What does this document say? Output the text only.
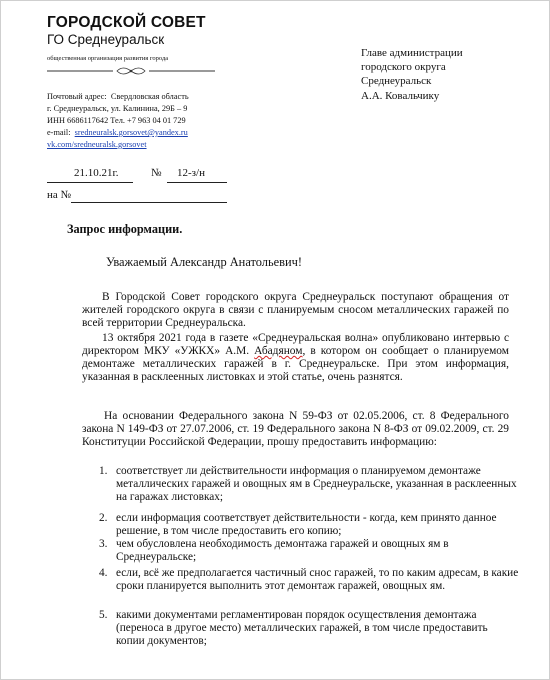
ГОРОДСКОЙ СОВЕТ
ГО Среднеуральск
общественная организация развития города
Почтовый адрес: Свердловская область
г. Среднеуральск, ул. Калинина, 29Б – 9
ИНН 6686117642 Тел. +7 963 04 01 729
e-mail: sredneuralsk.gorsovet@yandex.ru
vk.com/sredneuralsk.gorsovet
Главе администрации
городского округа
Среднеуральск
А.А. Ковальчику
21.10.21г.	№ 12-з/н
на №
Запрос информации.
Уважаемый Александр Анатольевич!
В Городской Совет городского округа Среднеуральск поступают обращения от жителей городского округа в связи с планируемым сносом металлических гаражей по всей территории Среднеуральска.
13 октября 2021 года в газете «Среднеуральская волна» опубликовано интервью с директором МКУ «УЖКХ» А.М. Абадяном, в котором он сообщает о планируемом демонтаже металлических гаражей в г. Среднеуральске. При этом информация, указанная в расклеенных листовках и этой статье, очень разнятся.
На основании Федерального закона N 59-ФЗ от 02.05.2006, ст. 8 Федерального закона N 149-ФЗ от 27.07.2006, ст. 19 Федерального закона N 8-ФЗ от 09.02.2009, ст. 29 Конституции Российской Федерации, прошу предоставить информацию:
1. соответствует ли действительности информация о планируемом демонтаже металлических гаражей и овощных ям в Среднеуральске, указанная в расклеенных на гаражах листовках;
2. если информация соответствует действительности - когда, кем принято данное решение, в том числе предоставить его копию;
3. чем обусловлена необходимость демонтажа гаражей и овощных ям в Среднеуральске;
4. если, всё же предполагается частичный снос гаражей, то по каким адресам, в какие сроки планируется выполнить этот демонтаж гаражей, овощных ям.
5. какими документами регламентирован порядок осуществления демонтажа (переноса в другое место) металлических гаражей, в том числе предоставить копии документов;
